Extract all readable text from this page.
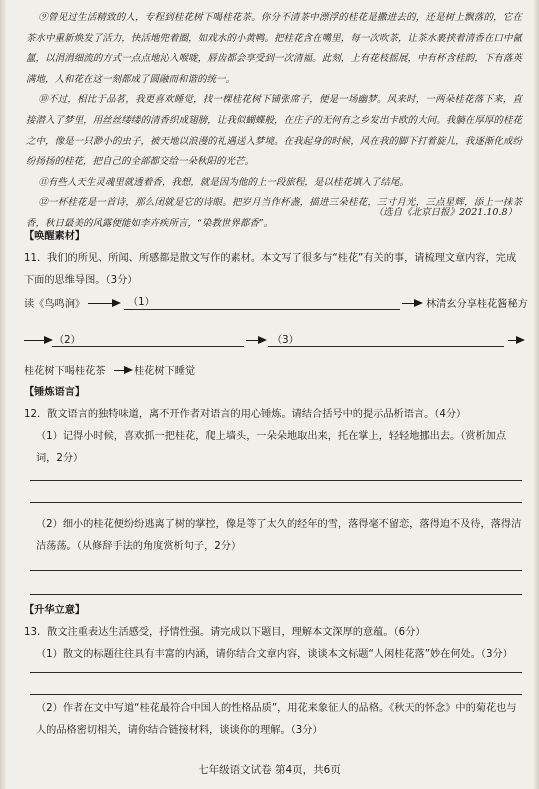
⑨曾见过生活精致的人，专程到桂花树下喝桂花茶。你分不清茶中漂浮的桂花是撒进去的，还是树上飘落的，它在茶水中重新焕发了活力，快活地兜着圈，如戏水的小黄鸭。把桂花含在嘴里，每一次吹茶，让茶水裹挟着清香在口中氤氲，以涓涓细流的方式一点点地沁入喉咙，唇齿都会享受到一次清福。此刻，上有花枝摇展，中有杯含桂韵，下有落英满地，人和花在这一刻都成了圆融而和谐的统一。

⑩不过，相比于品茗，我更喜欢睡觉，找一棵桂花树下铺张席子，便是一场幽梦。风来时，一两朵桂花落下来，直接潜入了梦里，用丝丝缕缕的清香织成翅膀，让我似蝴蝶般，在庄子的无何有之乡发出卡欧的大问。我躺在厚厚的桂花之中，像是一只渺小的虫子，被天地以浪漫的礼遇送入梦境。在我起身的时候，风在我的脚下打着旋儿，我逐渐化成纷纷扬扬的桂花，把自己的全部都交给一朵秋阳的光芒。

⑪有些人天生灵魂里就透着香，我想，就是因为他的上一段旅程，是以桂花填入了结尾。

⑫一杯桂花是一首诗，那么闭就是它的诗眼。把岁月当作杯盏，描进三朵桂花，三寸月光，三点星辉，添上一抹茶香，秋日最美的风露便能如李卉疾所言，“染教世界都香”。

（选自《北京日报》2021.10.8）
【唤醒素材】

11．我们的所见、所闻、所感都是散文写作的素材。本文写了很多与“桂花”有关的事，请梳理文章内容，完成下面的思维导图。（3分）

读《鸟鸣涧》	（1）	林清玄分享桂花酱秘方
（2）	（3）
桂花树下喝桂花茶	桂花树下睡觉
【锤炼语言】

12．散文语言的独特味道，离不开作者对语言的用心锤炼。请结合括号中的提示品析语言。（4分）

（1）记得小时候，喜欢抓一把桂花，爬上墙头，一朵朵地取出来，托在掌上，轻轻地挪出去。（赏析加点词，2分）

（2）细小的桂花便纷纷逃离了树的掌控，像是等了太久的经年的雪，落得毫不留恋，落得迫不及待，落得洁洁荡荡。（从修辞手法的角度赏析句子，2分）

【升华立意】

13．散文注重表达生活感受，抒情性强。请完成以下题目，理解本文深厚的意蕴。（6分）

（1）散文的标题往往具有丰富的内涵，请你结合文章内容，谈谈本文标题“人闲桂花落”妙在何处。（3分）

（2）作者在文中写道“桂花最符合中国人的性格品质”，用花来象征人的品格。《秋天的怀念》中的菊花也与人的品格密切相关，请你结合链接材料，谈谈你的理解。（3分）

七年级语文试卷 第4页，共6页
